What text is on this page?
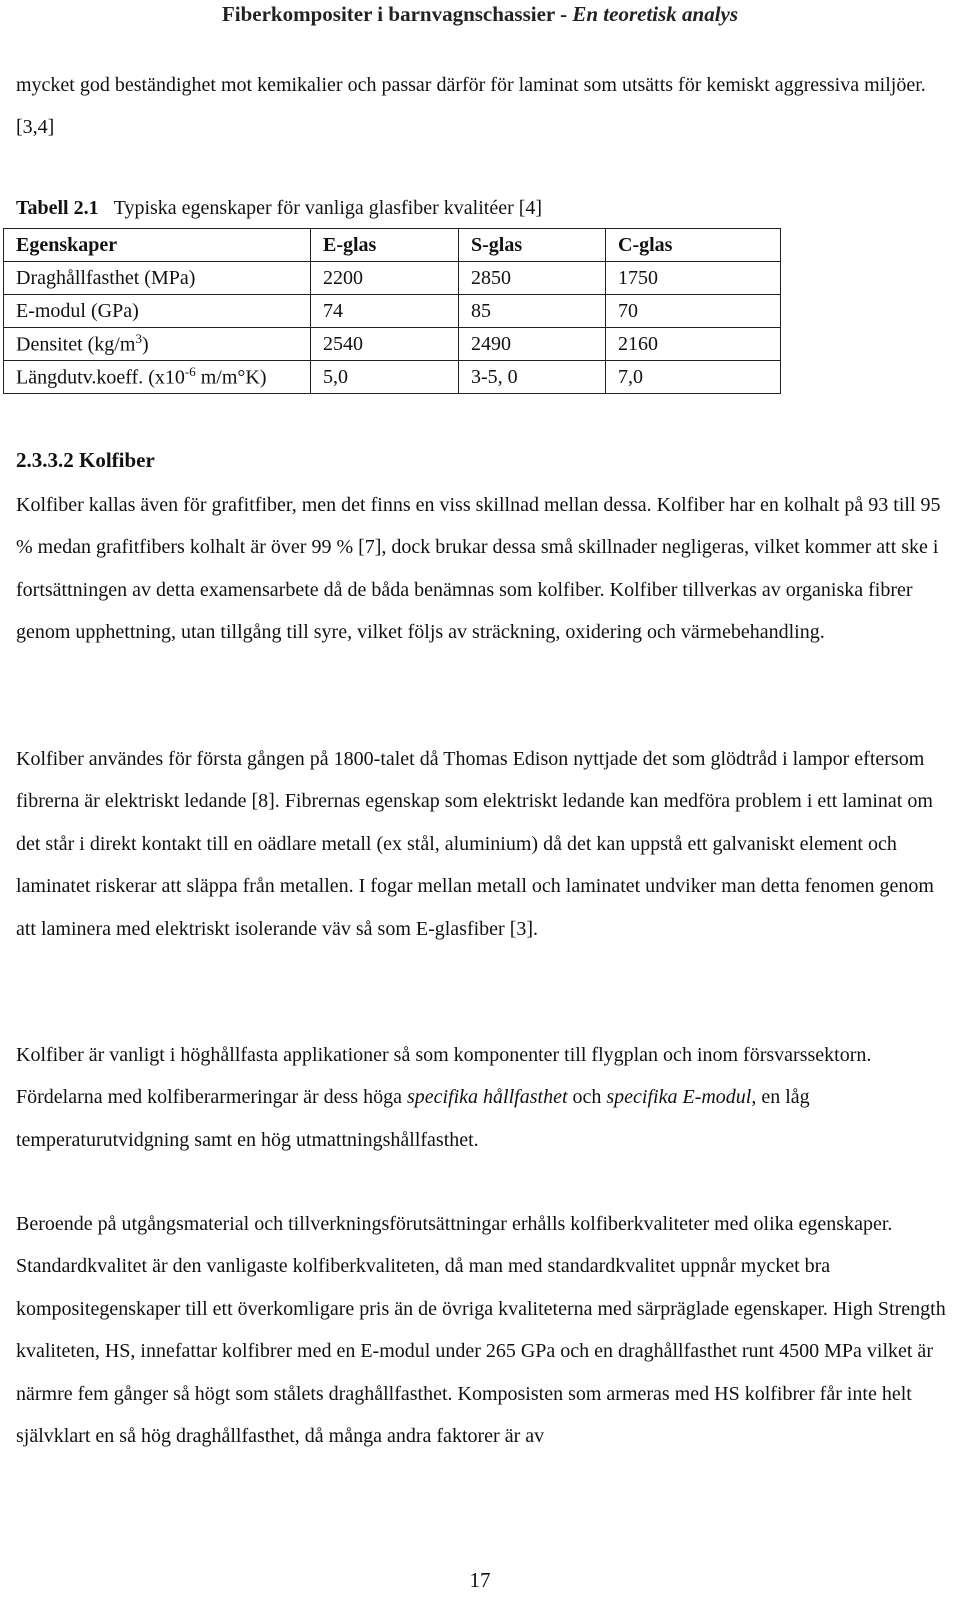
Fiberkompositer i barnvagnschassier - En teoretisk analys

mycket god beständighet mot kemikalier och passar därför för laminat som utsätts för kemiskt aggressiva miljöer. [3,4]

Tabell 2.1 Typiska egenskaper för vanliga glasfiber kvalitéer [4]
Egenskaper	E-glas	S-glas	C-glas
Draghållfasthet (MPa)	2200	2850	1750
E-modul (GPa)	74	85	70
Densitet $(kg/m^3)$	2540	2490	2160
Längdutv.koeff. ($x10^{-6}$ m/m°K)	5,0	3-5, 0	7,0
2.3.3.2 Kolfiber

Kolfiber kallas även för grafitfiber, men det finns en viss skillnad mellan dessa. Kolfiber har en kolhalt på 93 till 95 % medan grafitfibers kolhalt är över 99 % [7], dock brukar dessa små skillnader negligeras, vilket kommer att ske i fortsättningen av detta examensarbete då de båda benämnas som kolfiber. Kolfiber tillverkas av organiska fibrer genom upphettning, utan tillgång till syre, vilket följs av sträckning, oxidering och värmebehandling.

Kolfiber användes för första gången på 1800-talet då Thomas Edison nyttjade det som glödtråd i lampor eftersom fibrerna är elektriskt ledande [8]. Fibrernas egenskap som elektriskt ledande kan medföra problem i ett laminat om det står i direkt kontakt till en oädlare metall (ex stål, aluminium) då det kan uppstå ett galvaniskt element och laminatet riskerar att släppa från metallen. I fogar mellan metall och laminatet undviker man detta fenomen genom att laminera med elektriskt isolerande väv så som E-glasfiber [3].

Kolfiber är vanligt i höghållfasta applikationer så som komponenter till flygplan och inom försvarssektorn. Fördelarna med kolfiberarmeringar är dess höga specifika hållfasthet och specifika E-modul, en låg temperaturutvidgning samt en hög utmattningshållfasthet.

Beroende på utgångsmaterial och tillverkningsförutsättningar erhålls kolfiberkvaliteter med olika egenskaper. Standardkvalitet är den vanligaste kolfiberkvaliteten, då man med standardkvalitet uppnår mycket bra kompositegenskaper till ett överkomligare pris än de övriga kvaliteterna med särpräglade egenskaper. High Strength kvaliteten, HS, innefattar kolfibrer med en E-modul under 265 GPa och en draghållfasthet runt 4500 MPa vilket är närmre fem gånger så högt som stålets draghållfasthet. Komposisten som armeras med HS kolfibrer får inte helt självklart en så hög draghållfasthet, då många andra faktorer är av

17
